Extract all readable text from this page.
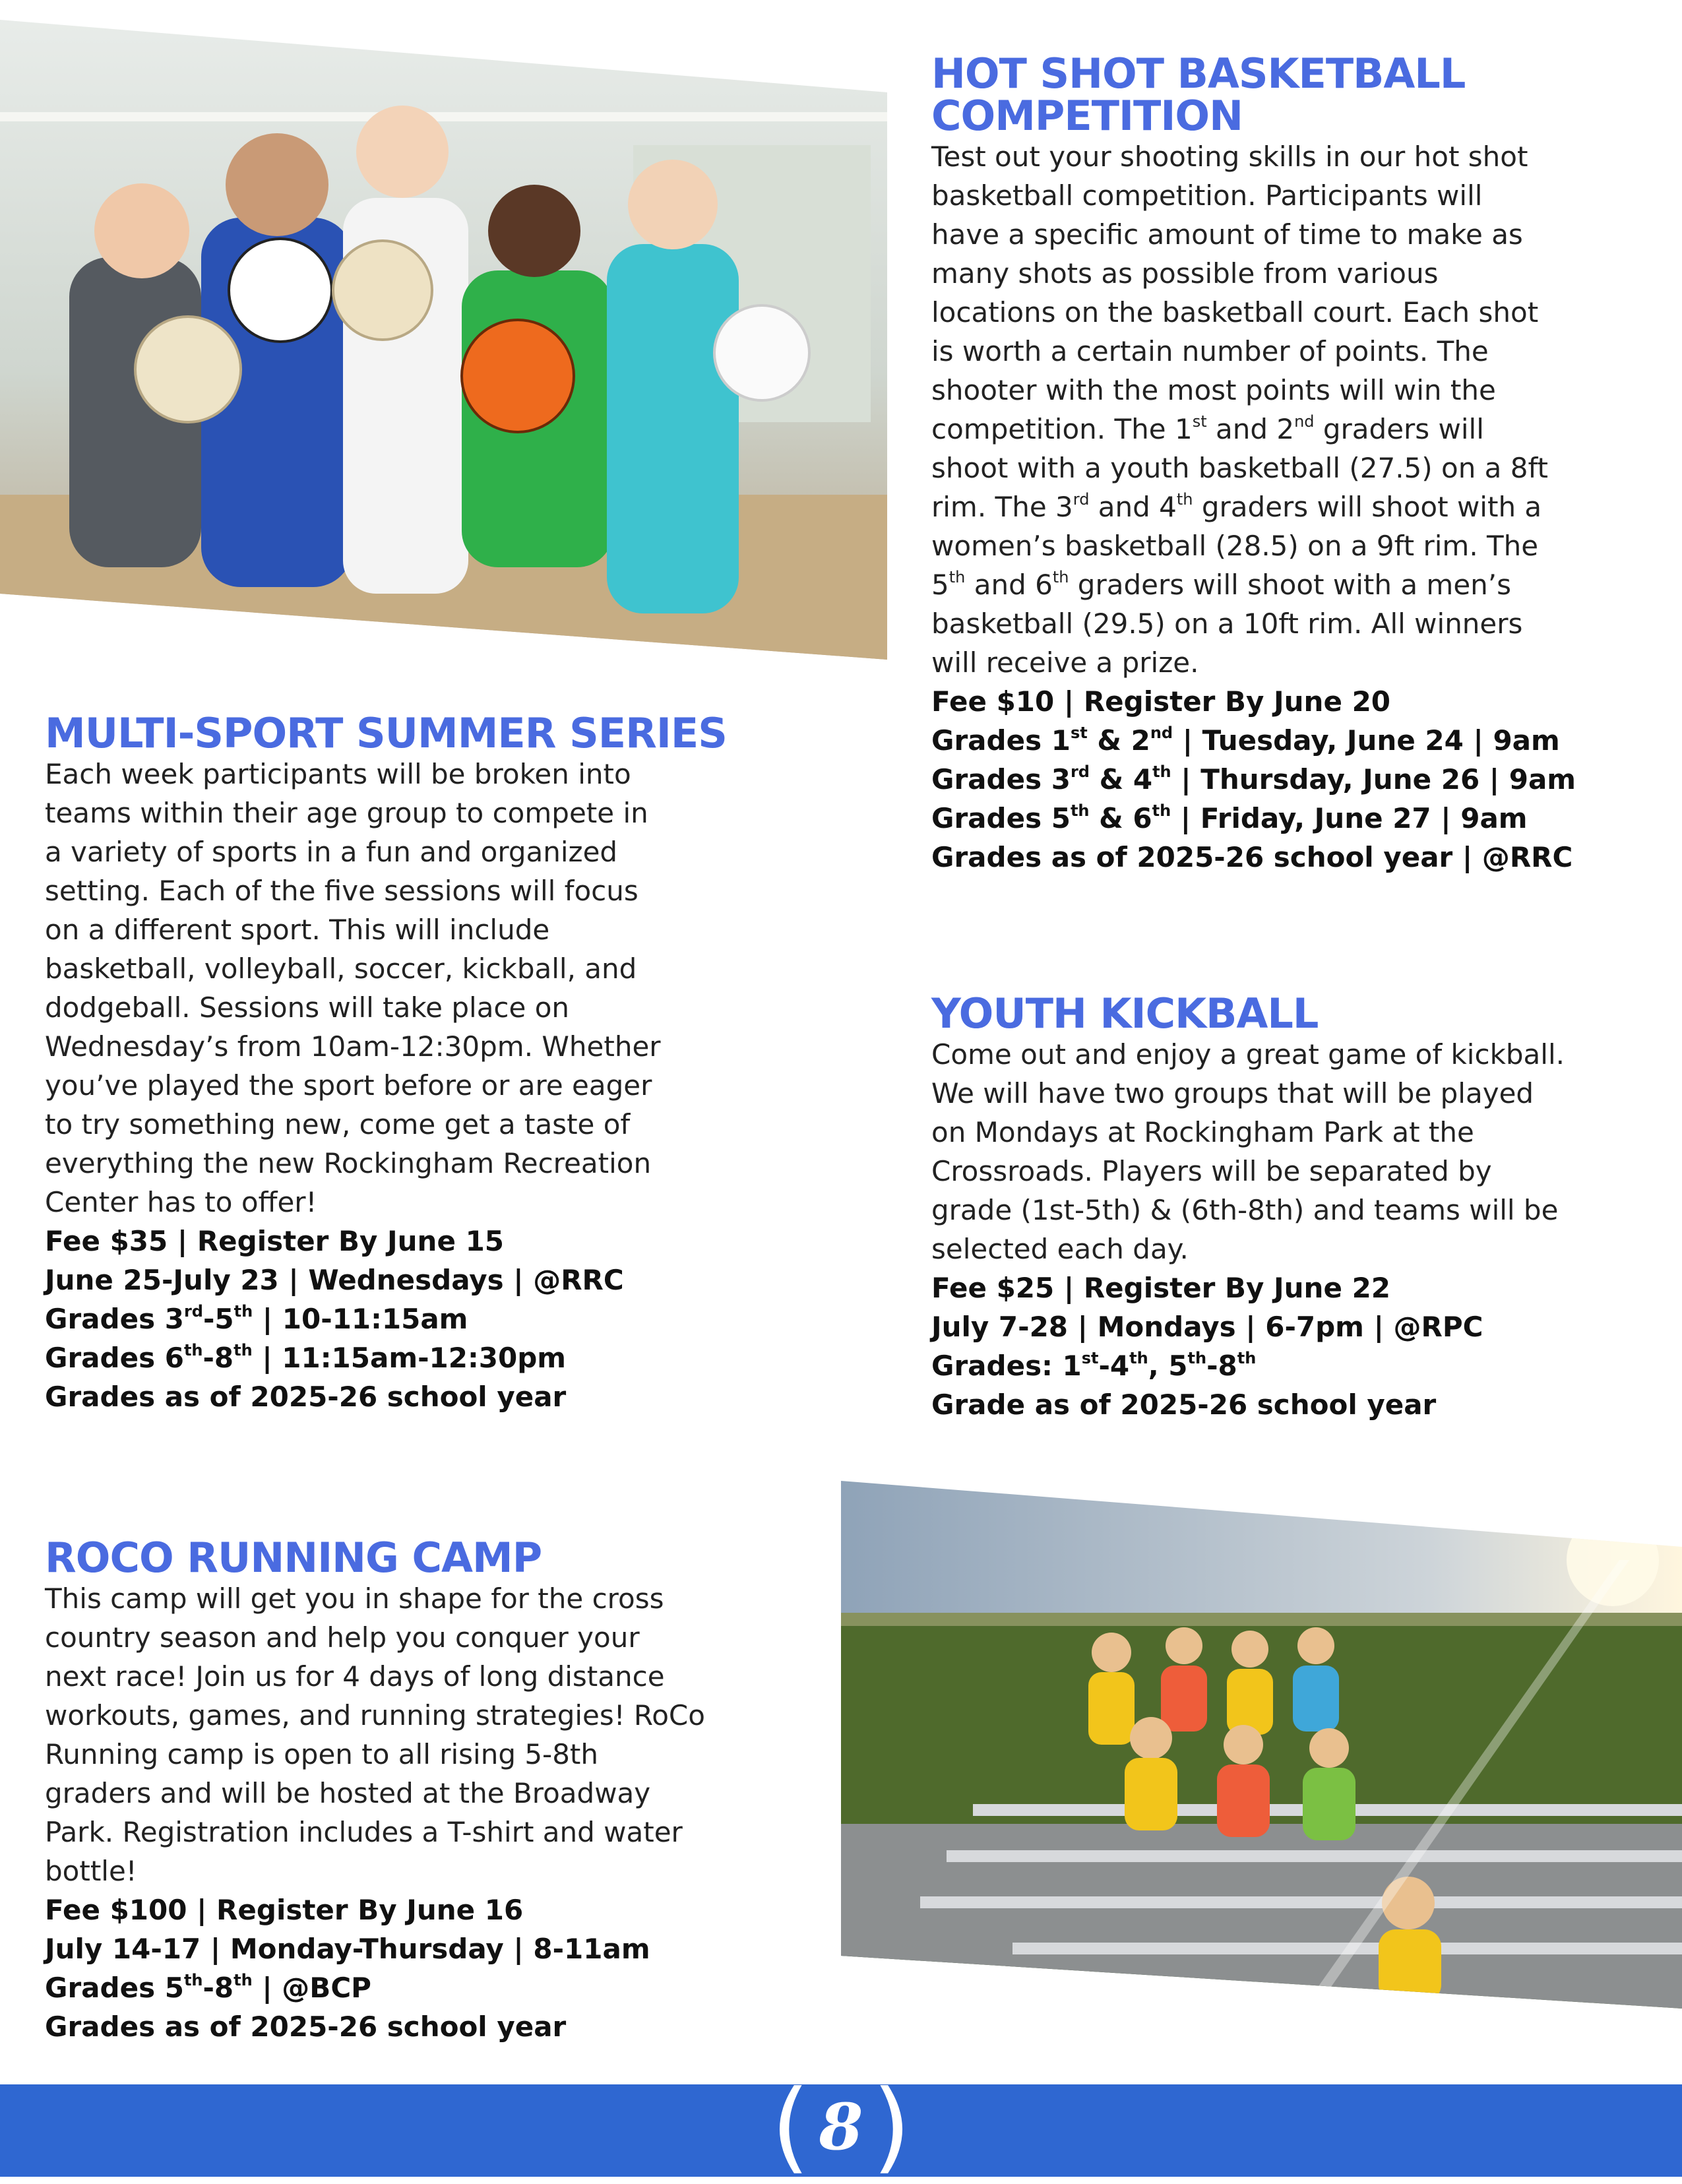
HOT SHOT BASKETBALL
COMPETITION
Test out your shooting skills in our hot shot
basketball competition. Participants will
have a specific amount of time to make as
many shots as possible from various
locations on the basketball court. Each shot
is worth a certain number of points. The
shooter with the most points will win the
competition. The 1st and 2nd graders will
shoot with a youth basketball (27.5) on a 8ft
rim. The 3rd and 4th graders will shoot with a
women’s basketball (28.5) on a 9ft rim. The
5th and 6th graders will shoot with a men’s
basketball (29.5) on a 10ft rim. All winners
will receive a prize.
Fee $10 | Register By June 20
Grades 1st & 2nd | Tuesday, June 24 | 9am
Grades 3rd & 4th | Thursday, June 26 | 9am
Grades 5th & 6th | Friday, June 27 | 9am
Grades as of 2025-26 school year | @RRC
MULTI-SPORT SUMMER SERIES
Each week participants will be broken into
teams within their age group to compete in
a variety of sports in a fun and organized
setting. Each of the five sessions will focus
on a different sport. This will include
basketball, volleyball, soccer, kickball, and
dodgeball. Sessions will take place on
Wednesday’s from 10am-12:30pm. Whether
you’ve played the sport before or are eager
to try something new, come get a taste of
everything the new Rockingham Recreation
Center has to offer!
Fee $35 | Register By June 15
June 25-July 23 | Wednesdays | @RRC
Grades 3rd-5th | 10-11:15am
Grades 6th-8th | 11:15am-12:30pm
Grades as of 2025-26 school year
YOUTH KICKBALL
Come out and enjoy a great game of kickball.
We will have two groups that will be played
on Mondays at Rockingham Park at the
Crossroads. Players will be separated by
grade (1st-5th) & (6th-8th) and teams will be
selected each day.
Fee $25 | Register By June 22
July 7-28 | Mondays | 6-7pm | @RPC
Grades: 1st-4th, 5th-8th
Grade as of 2025-26 school year
ROCO RUNNING CAMP
This camp will get you in shape for the cross
country season and help you conquer your
next race! Join us for 4 days of long distance
workouts, games, and running strategies! RoCo
Running camp is open to all rising 5-8th
graders and will be hosted at the Broadway
Park. Registration includes a T-shirt and water
bottle!
Fee $100 | Register By June 16
July 14-17 | Monday-Thursday | 8-11am
Grades 5th-8th | @BCP
Grades as of 2025-26 school year
( 8 )
